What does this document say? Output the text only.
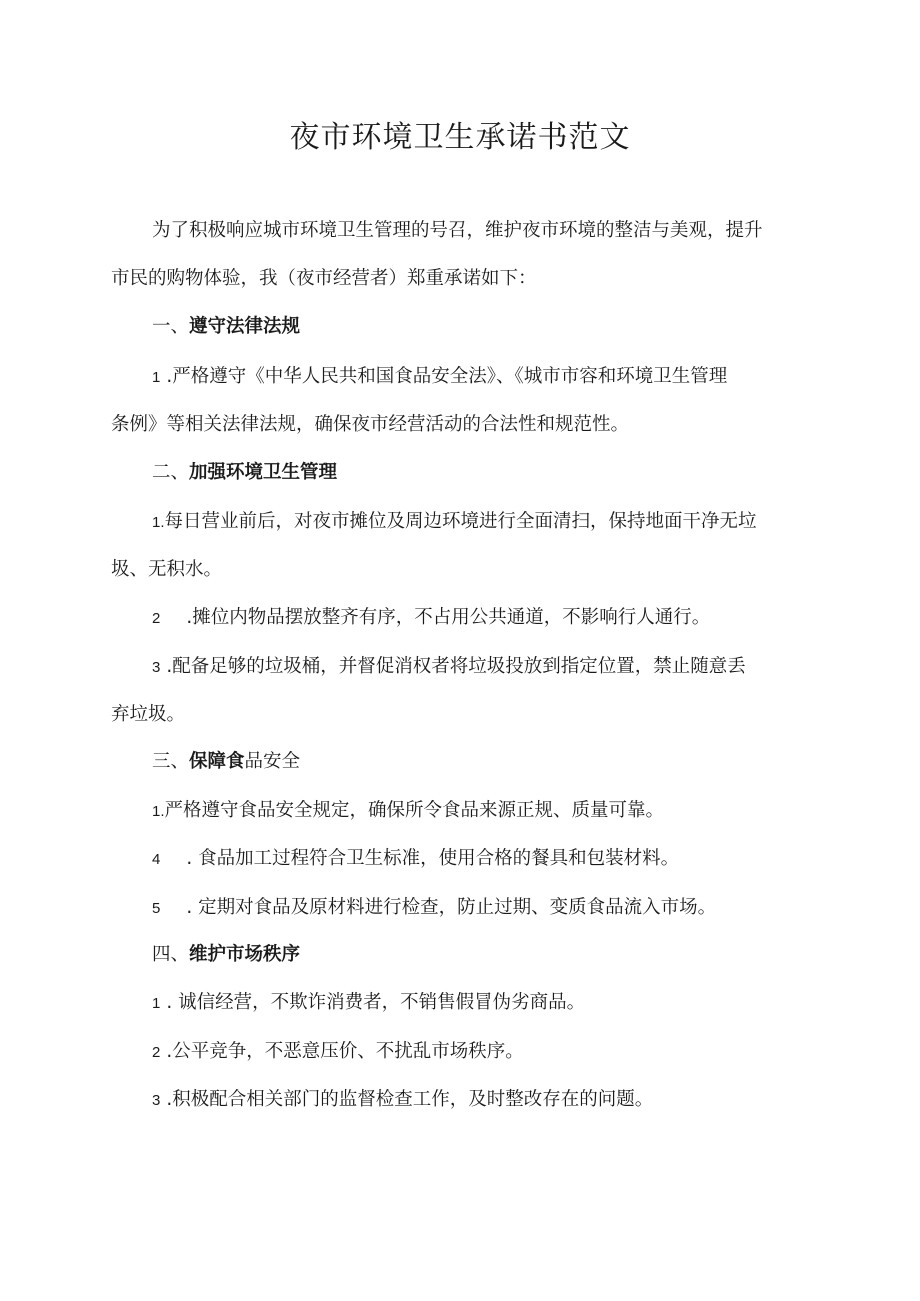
夜市环境卫生承诺书范文

为了积极响应城市环境卫生管理的号召，维护夜市环境的整洁与美观，提升

市民的购物体验，我（夜市经营者）郑重承诺如下：

一、遵守法律法规

1 .严格遵守《中华人民共和国食品安全法》、《城市市容和环境卫生管理

条例》等相关法律法规，确保夜市经营活动的合法性和规范性。

二、加强环境卫生管理

1.每日营业前后，对夜市摊位及周边环境进行全面清扫，保持地面干净无垃

圾、无积水。

2 .摊位内物品摆放整齐有序，不占用公共通道，不影响行人通行。

3 .配备足够的垃圾桶，并督促消权者将垃圾投放到指定位置，禁止随意丢

弃垃圾。

三、保障食品安全

1.严格遵守食品安全规定，确保所令食品来源正规、质量可靠。

4 . 食品加工过程符合卫生标准，使用合格的餐具和包装材料。

5 . 定期对食品及原材料进行检查，防止过期、变质食品流入市场。

四、维护市场秩序

1 . 诚信经营，不欺诈消费者，不销售假冒伪劣商品。

2 .公平竞争，不恶意压价、不扰乱市场秩序。

3 .积极配合相关部门的监督检查工作，及时整改存在的问题。
